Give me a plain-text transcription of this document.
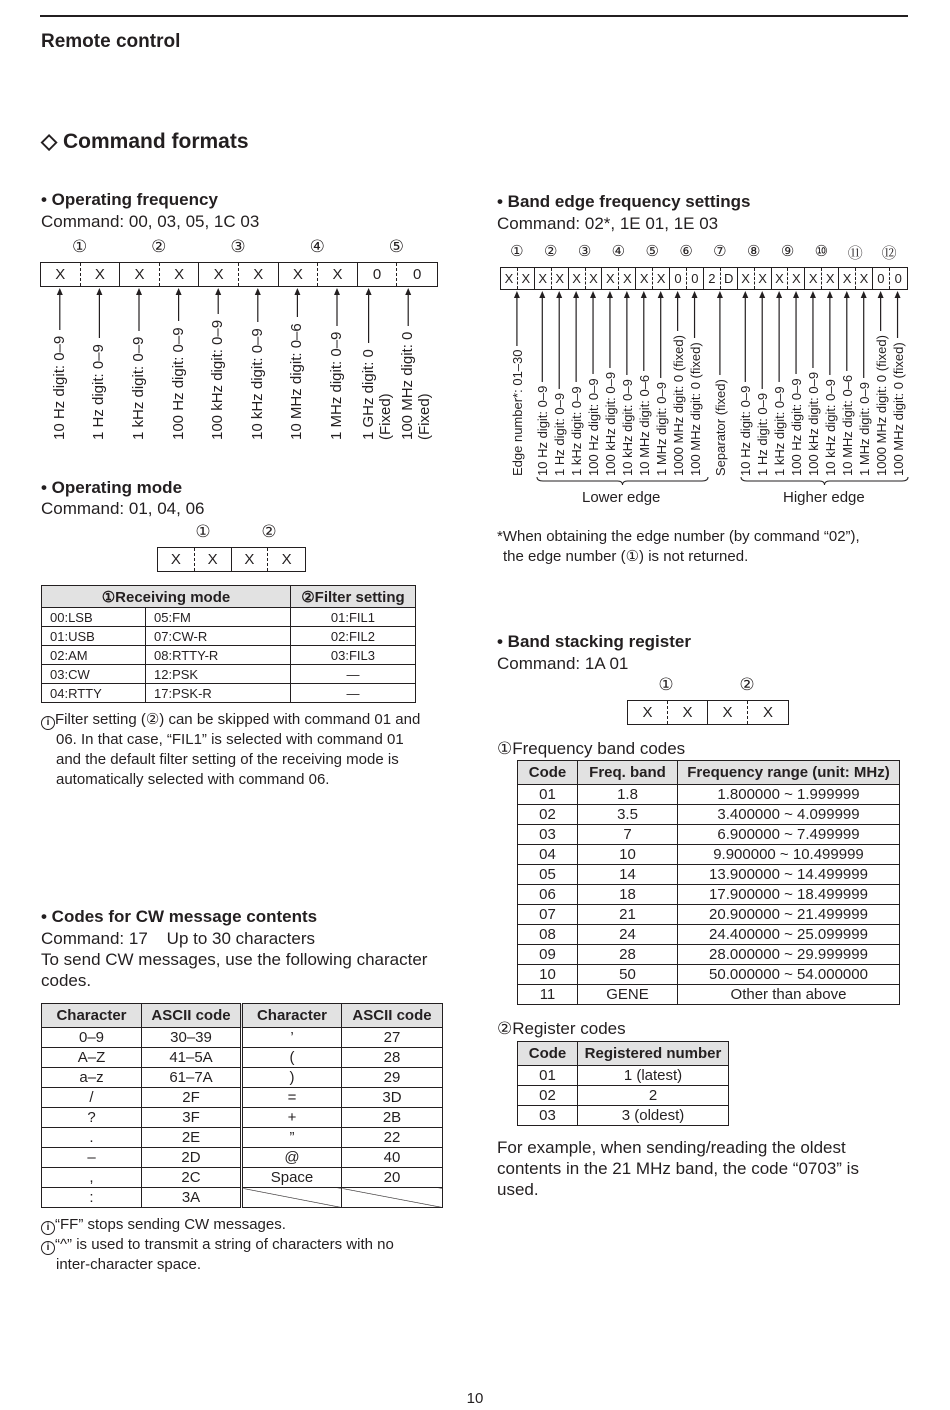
Remote control
◇ Command formats
• Operating frequency
Command: 00, 03, 05, 1C 03
①	②	③	④	⑤
X	X	X	X	X	X	X	X	0	0
• Operating mode
Command: 01, 04, 06
①	②
X	X	X	X
①Receiving mode		②Filter setting
00:LSB	05:FM	01:FIL1
01:USB	07:CW-R	02:FIL2
02:AM	08:RTTY-R	03:FIL3
03:CW	12:PSK	—
04:RTTY	17:PSK-R	—
i Filter setting (②) can be skipped with command 01 and
06. In that case, “FIL1” is selected with command 01
and the default filter setting of the receiving mode is
automatically selected with command 06.
• Codes for CW message contents
Command: 17    Up to 30 characters
To send CW messages, use the following character
codes.
Character	ASCII code	Character	ASCII code
0–9	30–39	’	27
A–Z	41–5A	(	28
a–z	61–7A	)	29
/	2F	=	3D
?	3F	+	2B
.	2E	”	22
–	2D	@	40
,	2C	Space	20
:	3A		
i “FF” stops sending CW messages.
i “^” is used to transmit a string of characters with no
inter-character space.
• Band edge frequency settings
Command: 02*, 1E 01, 1E 03
① ② ③ ④ ⑤ ⑥ ⑦ ⑧ ⑨ ⑩ ⑪ ⑫
X X X X X X X X X X 0 0 2 D X X X X X X X X 0 0
Lower edge	Higher edge
*When obtaining the edge number (by command “02”),
the edge number (①) is not returned.
• Band stacking register
Command: 1A 01
①	②
X	X	X	X
①Frequency band codes
Code	Freq. band	Frequency range (unit: MHz)
01	1.8	1.800000 ~ 1.999999
02	3.5	3.400000 ~ 4.099999
03	7	6.900000 ~ 7.499999
04	10	9.900000 ~ 10.499999
05	14	13.900000 ~ 14.499999
06	18	17.900000 ~ 18.499999
07	21	20.900000 ~ 21.499999
08	24	24.400000 ~ 25.099999
09	28	28.000000 ~ 29.999999
10	50	50.000000 ~ 54.000000
11	GENE	Other than above
②Register codes
Code	Registered number
01	1 (latest)
02	2
03	3 (oldest)
For example, when sending/reading the oldest
contents in the 21 MHz band, the code “0703” is
used.
10
10 Hz digit: 0–9 1 Hz digit: 0–9 1 kHz digit: 0–9 100 Hz digit: 0–9 100 kHz digit: 0–9 10 kHz digit: 0–9 10 MHz digit: 0–6 1 MHz digit: 0–9 1 GHz digit: 0 (Fixed) 100 MHz digit: 0 (Fixed)	Edge number*: 01–30 10 Hz digit: 0–9 1 Hz digit: 0–9 1 kHz digit: 0–9 100 Hz digit: 0–9 100 kHz digit: 0–9 10 kHz digit: 0–9 10 MHz digit: 0–6 1 MHz digit: 0–9 1000 MHz digit: 0 (fixed) 100 MHz digit: 0 (fixed) Separator (fixed) 10 Hz digit: 0–9 1 Hz digit: 0–9 1 kHz digit: 0–9 100 Hz digit: 0–9 100 kHz digit: 0–9 10 kHz digit: 0–9 10 MHz digit: 0–6 1 MHz digit: 0–9 1000 MHz digit: 0 (fixed) 100 MHz digit: 0 (fixed)
